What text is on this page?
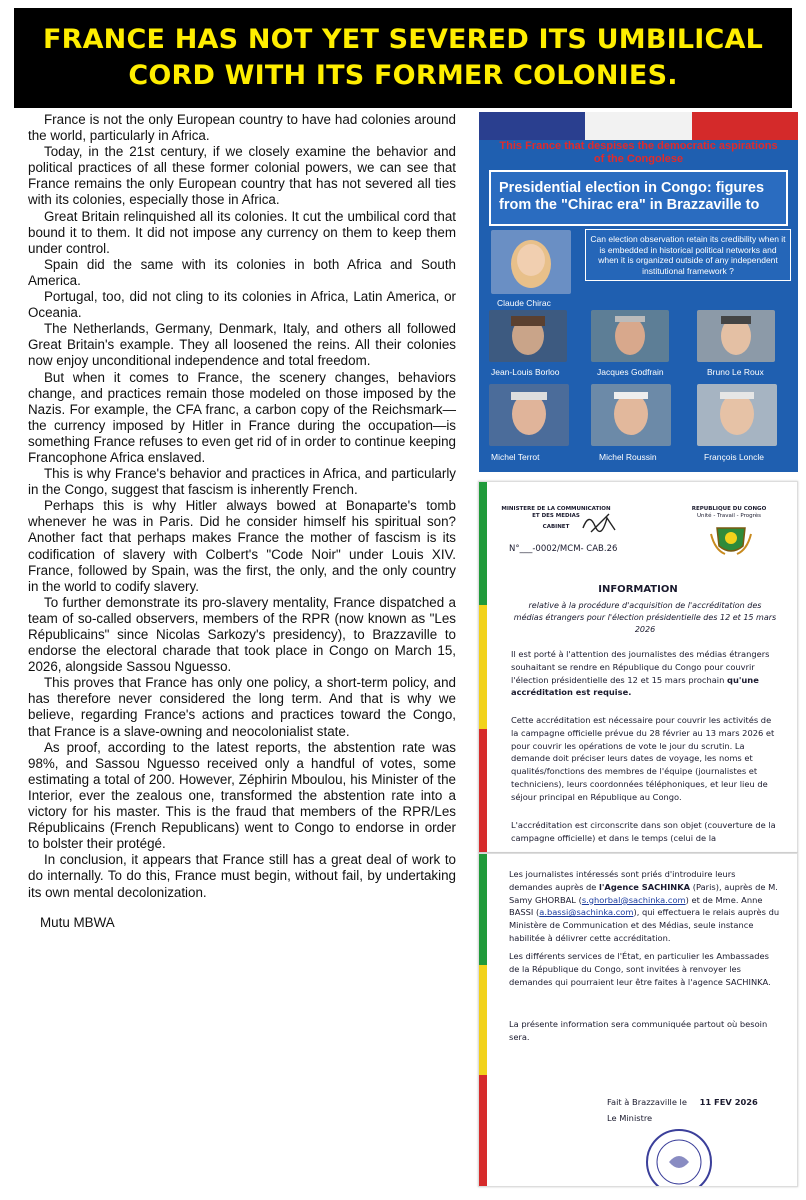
FRANCE HAS NOT YET SEVERED ITS UMBILICAL CORD WITH ITS FORMER COLONIES.

France is not the only European country to have had colonies around the world, particularly in Africa.

Today, in the 21st century, if we closely examine the behavior and political practices of all these former colonial powers, we can see that France remains the only European country that has not severed all ties with its colonies, especially those in Africa.

Great Britain relinquished all its colonies. It cut the umbilical cord that bound it to them. It did not impose any currency on them to keep them under control.

Spain did the same with its colonies in both Africa and South America.

Portugal, too, did not cling to its colonies in Africa, Latin America, or Oceania.

The Netherlands, Germany, Denmark, Italy, and others all followed Great Britain's example. They all loosened the reins. All their colonies now enjoy unconditional independence and total freedom.

But when it comes to France, the scenery changes, behaviors change, and practices remain those modeled on those imposed by the Nazis. For example, the CFA franc, a carbon copy of the Reichsmark—the currency imposed by Hitler in France during the occupation—is something France refuses to even get rid of in order to continue keeping Francophone Africa enslaved.

This is why France's behavior and practices in Africa, and particularly in the Congo, suggest that fascism is inherently French.

Perhaps this is why Hitler always bowed at Bonaparte's tomb whenever he was in Paris. Did he consider himself his spiritual son? Another fact that perhaps makes France the mother of fascism is its codification of slavery with Colbert's "Code Noir" under Louis XIV. France, followed by Spain, was the first, the only, and the only country in the world to codify slavery.

To further demonstrate its pro-slavery mentality, France dispatched a team of so-called observers, members of the RPR (now known as "Les Républicains" since Nicolas Sarkozy's presidency), to Brazzaville to endorse the electoral charade that took place in Congo on March 15, 2026, alongside Sassou Nguesso.

This proves that France has only one policy, a short-term policy, and has therefore never considered the long term. And that is why we believe, regarding France's actions and practices toward the Congo, that France is a slave-owning and neocolonialist state.

As proof, according to the latest reports, the abstention rate was 98%, and Sassou Nguesso received only a handful of votes, some estimating a total of 200. However, Zéphirin Mboulou, his Minister of the Interior, ever the zealous one, transformed the abstention rate into a victory for his master. This is the fraud that members of the RPR/Les Républicains (French Republicans) went to Congo to endorse in order to bolster their protégé.

In conclusion, it appears that France still has a great deal of work to do internally. To do this, France must begin, without fail, by undertaking its own mental decolonization.

Mutu MBWA

This France that despises the democratic aspirations of the Congolese
Presidential election in Congo: figures from the "Chirac era" in Brazzaville to
Can election observation retain its credibility when it is embedded in historical political networks and when it is organized outside of any independent institutional framework ?
Claude Chirac
Jean-Louis Borloo	Jacques Godfrain	Bruno Le Roux
Michel Terrot	Michel Roussin	François Loncle
MINISTERE DE LA COMMUNICATION
ET DES MEDIAS
CABINET
REPUBLIQUE DU CONGO
Unité - Travail - Progrès
N°___-0002/MCM- CAB.26
INFORMATION
relative à la procédure d'acquisition de l'accréditation des médias étrangers pour l'élection présidentielle des 12 et 15 mars 2026
Il est porté à l'attention des journalistes des médias étrangers souhaitant se rendre en République du Congo pour couvrir l'élection présidentielle des 12 et 15 mars prochain qu'une accréditation est requise.
Cette accréditation est nécessaire pour couvrir les activités de la campagne officielle prévue du 28 février au 13 mars 2026 et pour couvrir les opérations de vote le jour du scrutin. La demande doit préciser leurs dates de voyage, les noms et qualités/fonctions des membres de l'équipe (journalistes et techniciens), leurs coordonnées téléphoniques, et leur lieu de séjour principal en République au Congo.
L'accréditation est circonscrite dans son objet (couverture de la campagne officielle) et dans le temps (celui de la
Les journalistes intéressés sont priés d'introduire leurs demandes auprès de l'Agence SACHINKA (Paris), auprès de M. Samy GHORBAL (s.ghorbal@sachinka.com) et de Mme. Anne BASSI (a.bassi@sachinka.com), qui effectuera le relais auprès du Ministère de Communication et des Médias, seule instance habilitée à délivrer cette accréditation.
Les différents services de l'État, en particulier les Ambassades de la République du Congo, sont invitées à renvoyer les demandes qui pourraient leur être faites à l'agence SACHINKA.
La présente information sera communiquée partout où besoin sera.
Fait à Brazzaville le 11 FEV 2026
Le Ministre
